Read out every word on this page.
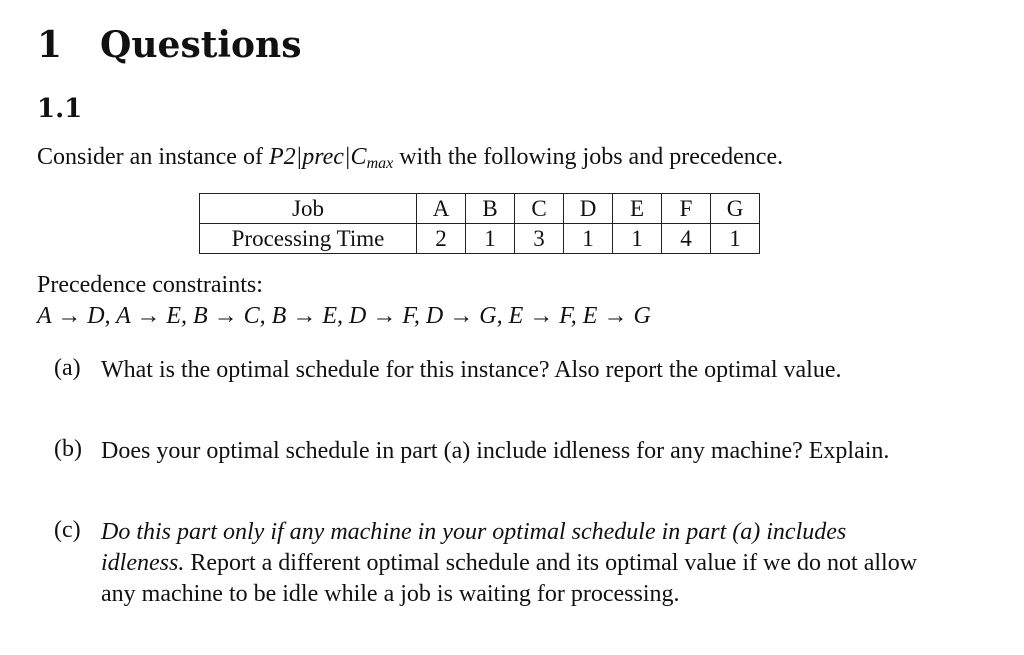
1 Questions
1.1
Consider an instance of $P2|prec|C_{max}$ with the following jobs and precedence.
Job	A	B	C	D	E	F	G
Processing Time	2	1	3	1	1	4	1
Precedence constraints:
A → D, A → E, B → C, B → E, D → F, D → G, E → F, E → G
(a) What is the optimal schedule for this instance? Also report the optimal value.
(b) Does your optimal schedule in part (a) include idleness for any machine? Explain.
(c) Do this part only if any machine in your optimal schedule in part (a) includes idleness. Report a different optimal schedule and its optimal value if we do not allow any machine to be idle while a job is waiting for processing.
